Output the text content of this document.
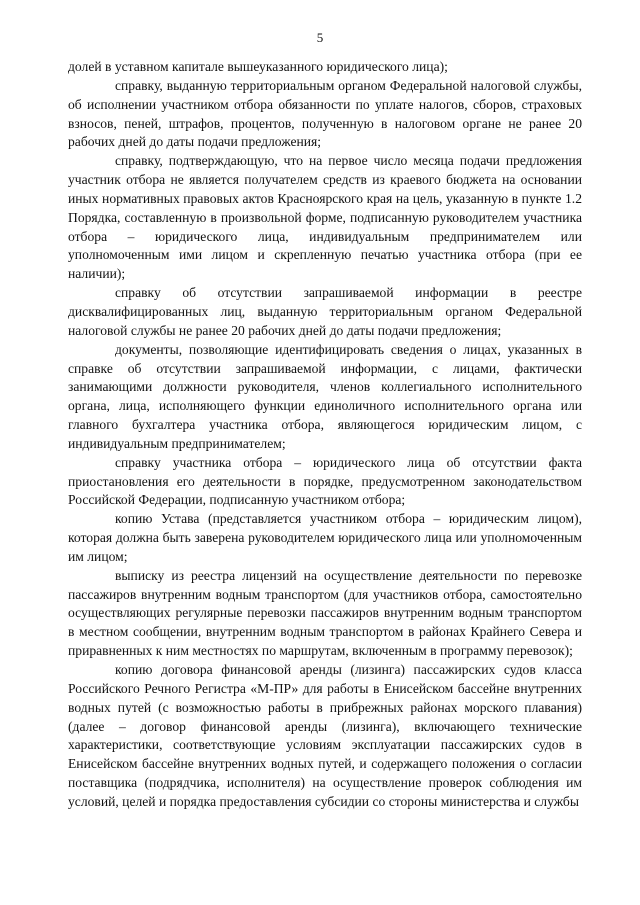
5

долей в уставном капитале вышеуказанного юридического лица);

справку, выданную территориальным органом Федеральной налоговой службы, об исполнении участником отбора обязанности по уплате налогов, сборов, страховых взносов, пеней, штрафов, процентов, полученную в налоговом органе не ранее 20 рабочих дней до даты подачи предложения;

справку, подтверждающую, что на первое число месяца подачи предложения участник отбора не является получателем средств из краевого бюджета на основании иных нормативных правовых актов Красноярского края на цель, указанную в пункте 1.2 Порядка, составленную в произвольной форме, подписанную руководителем участника отбора – юридического лица, индивидуальным предпринимателем или уполномоченным ими лицом и скрепленную печатью участника отбора (при ее наличии);

справку об отсутствии запрашиваемой информации в реестре дисквалифицированных лиц, выданную территориальным органом Федеральной налоговой службы не ранее 20 рабочих дней до даты подачи предложения;

документы, позволяющие идентифицировать сведения о лицах, указанных в справке об отсутствии запрашиваемой информации, с лицами, фактически занимающими должности руководителя, членов коллегиального исполнительного органа, лица, исполняющего функции единоличного исполнительного органа или главного бухгалтера участника отбора, являющегося юридическим лицом, с индивидуальным предпринимателем;

справку участника отбора – юридического лица об отсутствии факта приостановления его деятельности в порядке, предусмотренном законодательством Российской Федерации, подписанную участником отбора;

копию Устава (представляется участником отбора – юридическим лицом), которая должна быть заверена руководителем юридического лица или уполномоченным им лицом;

выписку из реестра лицензий на осуществление деятельности по перевозке пассажиров внутренним водным транспортом (для участников отбора, самостоятельно осуществляющих регулярные перевозки пассажиров внутренним водным транспортом в местном сообщении, внутренним водным транспортом в районах Крайнего Севера и приравненных к ним местностях по маршрутам, включенным в программу перевозок);

копию договора финансовой аренды (лизинга) пассажирских судов класса Российского Речного Регистра «М-ПР» для работы в Енисейском бассейне внутренних водных путей (с возможностью работы в прибрежных районах морского плавания) (далее – договор финансовой аренды (лизинга), включающего технические характеристики, соответствующие условиям эксплуатации пассажирских судов в Енисейском бассейне внутренних водных путей, и содержащего положения о согласии поставщика (подрядчика, исполнителя) на осуществление проверок соблюдения им условий, целей и порядка предоставления субсидии со стороны министерства и службы
